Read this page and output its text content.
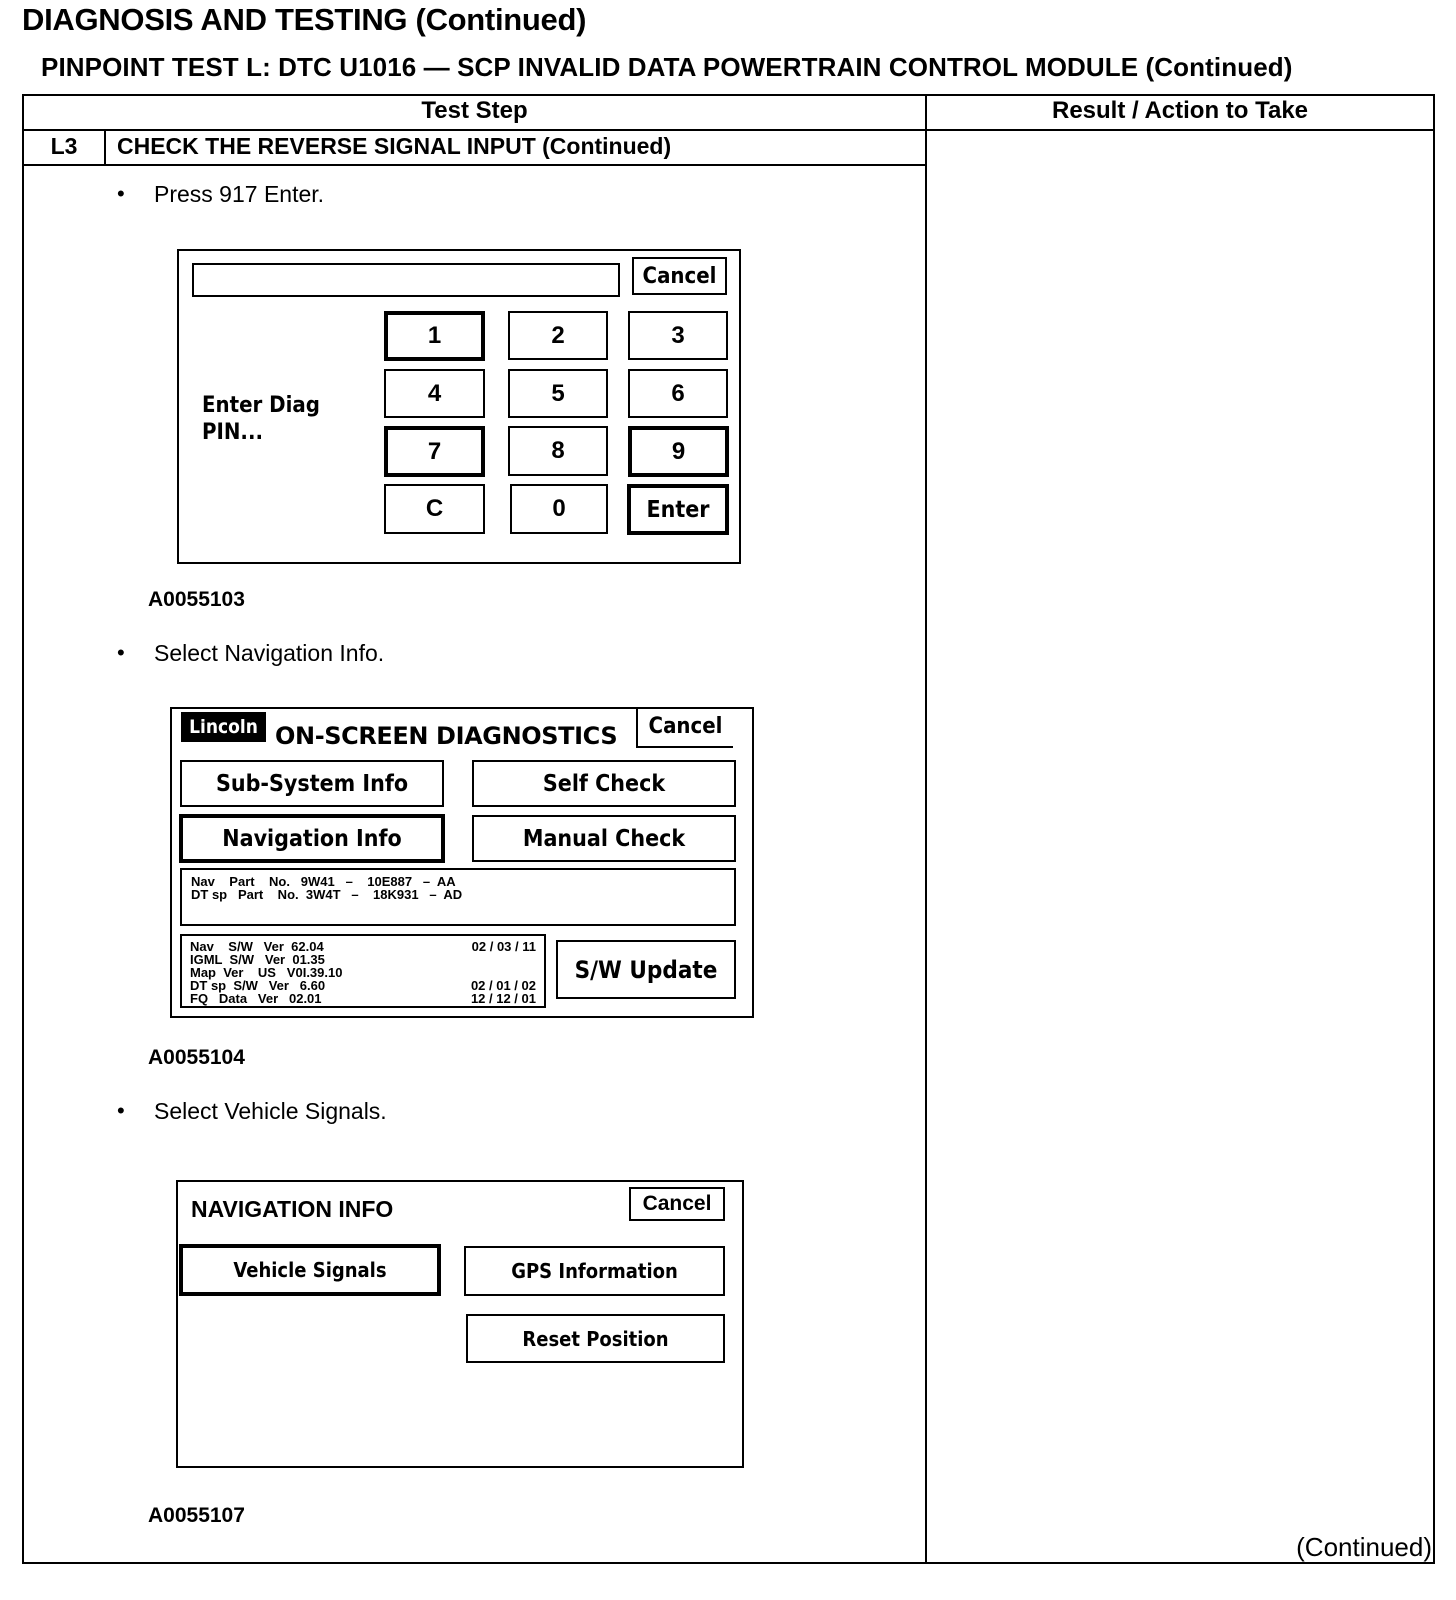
DIAGNOSIS AND TESTING (Continued)
PINPOINT TEST L: DTC U1016 — SCP INVALID DATA POWERTRAIN CONTROL MODULE (Continued)
Test Step	Result / Action to Take
L3	CHECK THE REVERSE SIGNAL INPUT (Continued)
• Press 917 Enter.
Cancel
Enter Diag
PIN...
1	2	3
4	5	6
7	8	9
C	0	Enter
A0055103
• Select Navigation Info.
Lincoln ON-SCREEN DIAGNOSTICS	Cancel
Sub-System Info	Self Check
Navigation Info	Manual Check
Nav    Part    No.   9W41   –    10E887   –  AA
DT sp   Part    No.  3W4T   –    18K931   –  AD
Nav    S/W   Ver  62.04	02 / 03 / 11
IGML  S/W   Ver  01.35
Map  Ver    US   V0I.39.10
DT sp  S/W   Ver   6.60	02 / 01 / 02
FQ   Data   Ver   02.01	12 / 12 / 01
S/W Update
A0055104
• Select Vehicle Signals.
NAVIGATION INFO	Cancel
Vehicle Signals	GPS Information
Reset Position
A0055107
(Continued)
